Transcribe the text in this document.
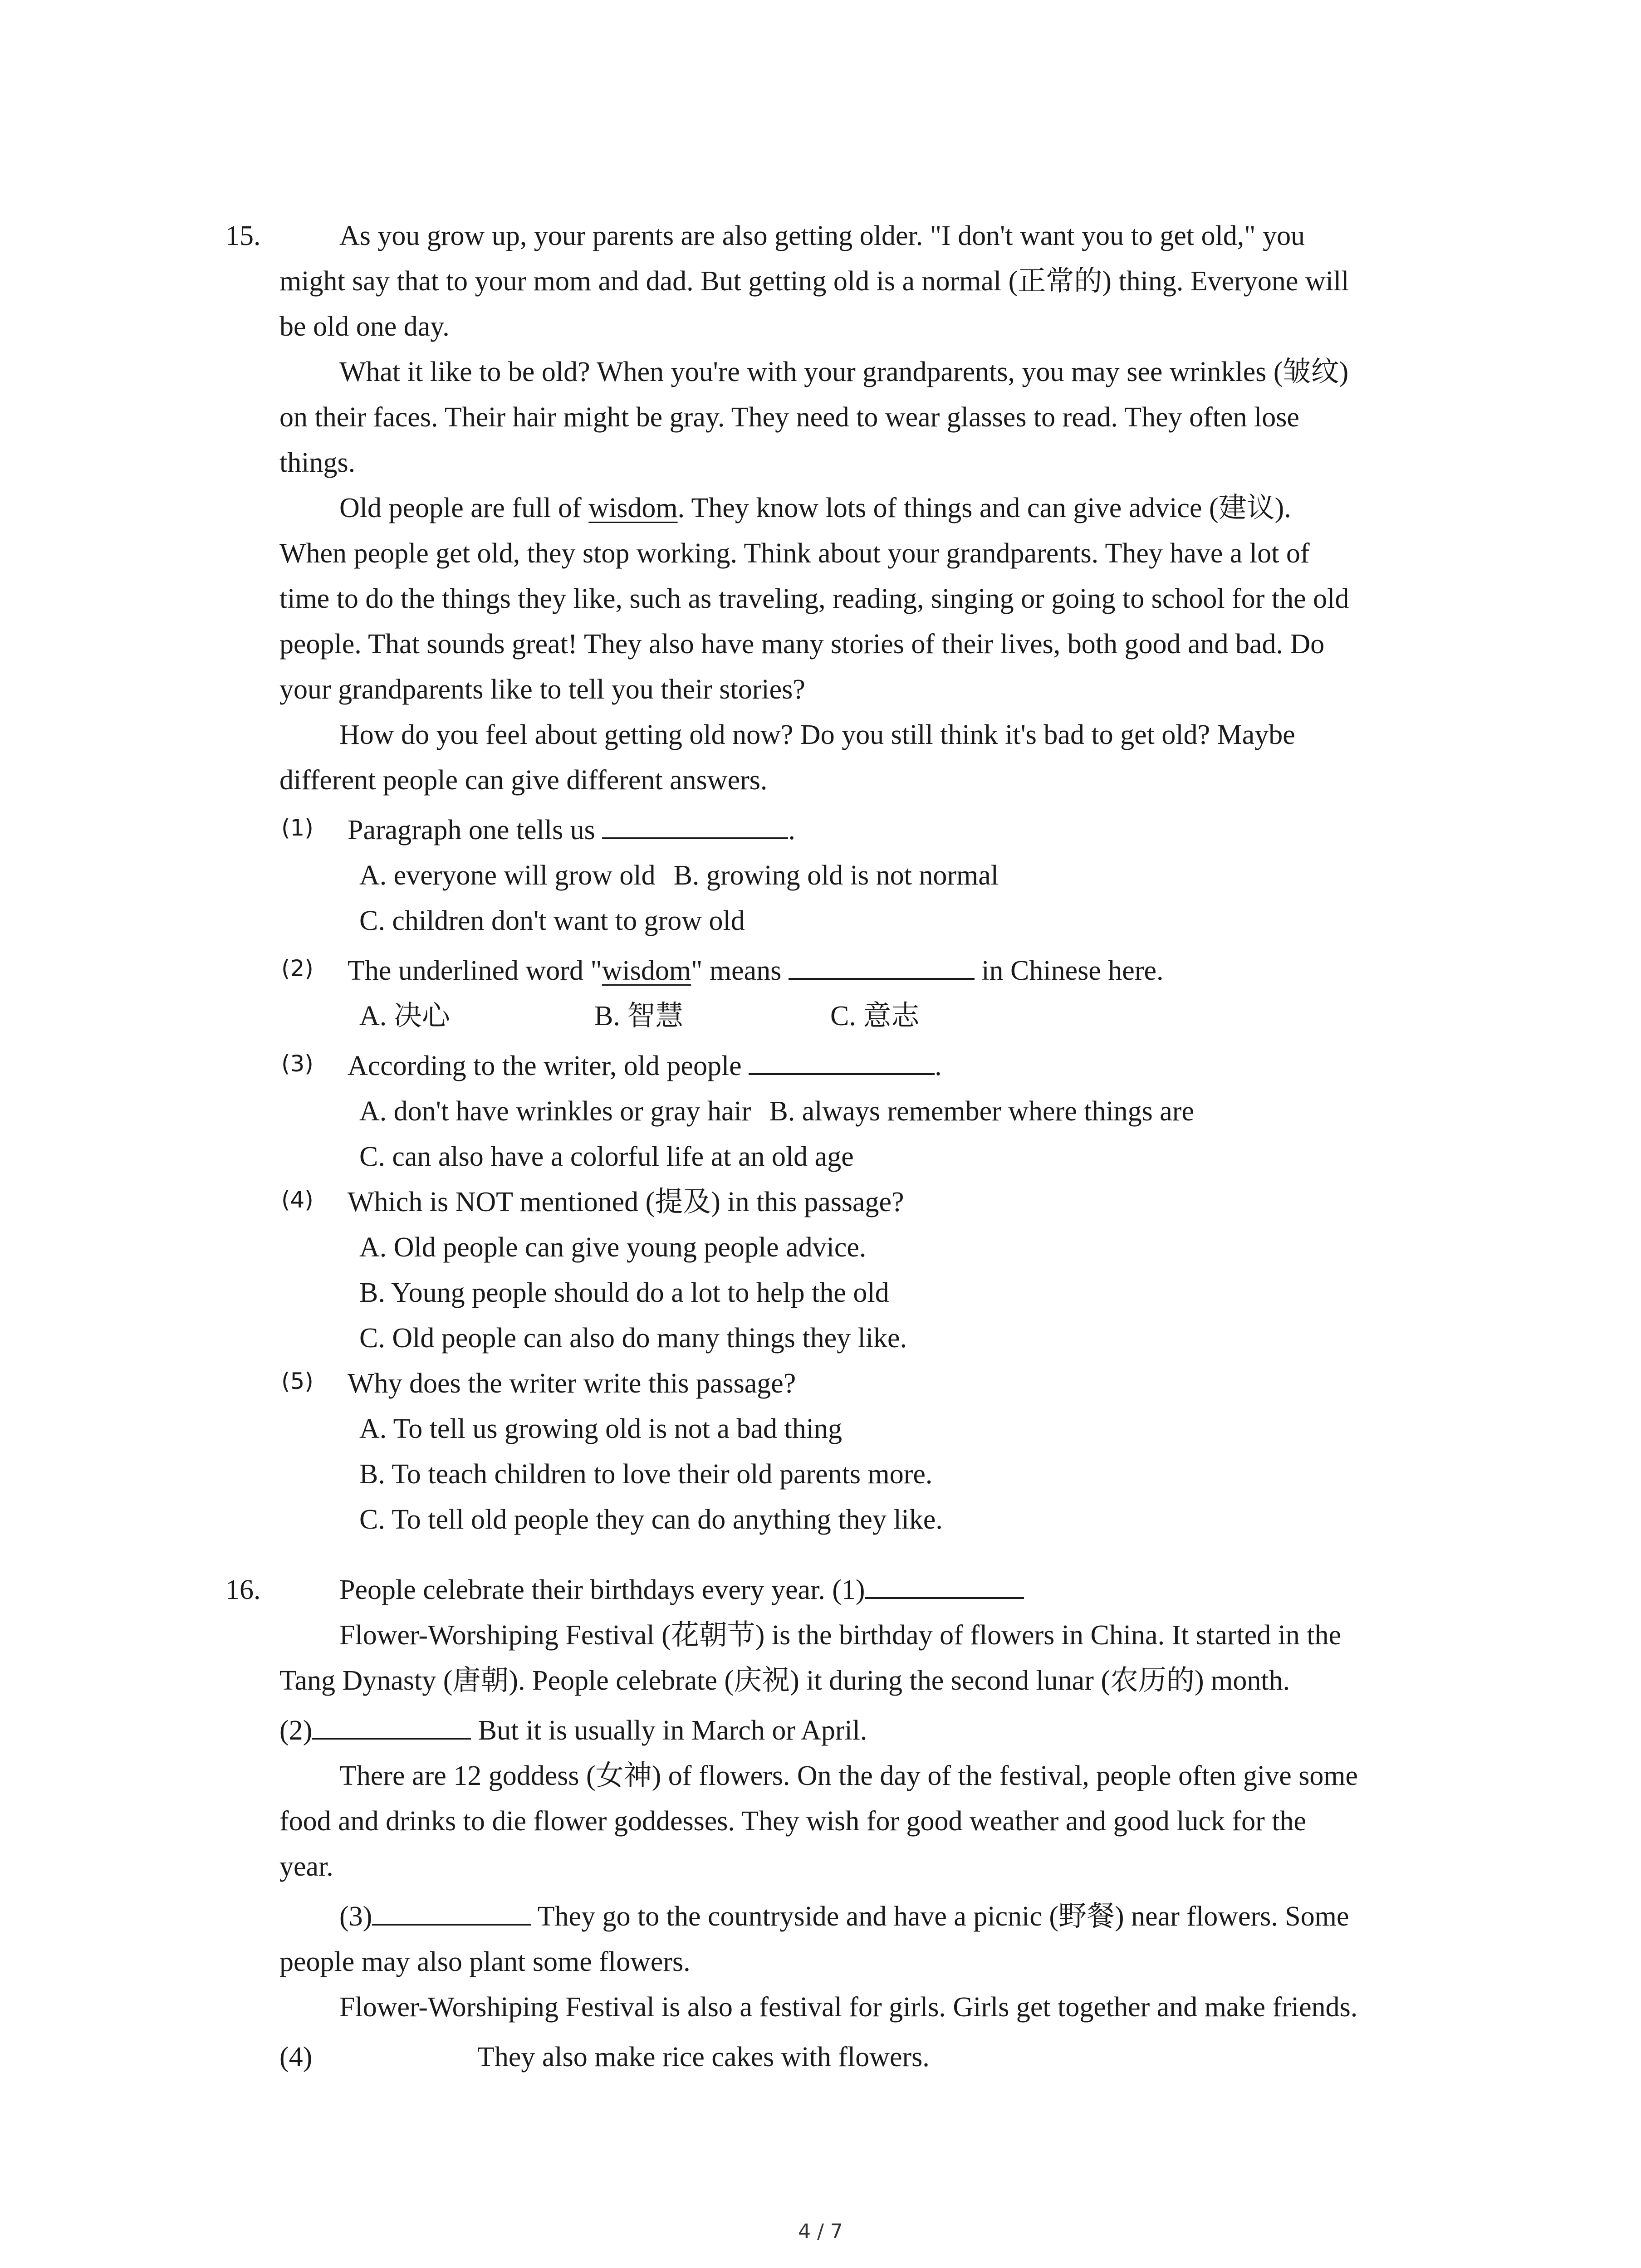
15.	As you grow up, your parents are also getting older. "I don't want you to get old," you
might say that to your mom and dad. But getting old is a normal (正常的) thing. Everyone will
be old one day.
What it like to be old? When you're with your grandparents, you may see wrinkles (皱纹)
on their faces. Their hair might be gray. They need to wear glasses to read. They often lose
things.
Old people are full of wisdom. They know lots of things and can give advice (建议).
When people get old, they stop working. Think about your grandparents. They have a lot of
time to do the things they like, such as traveling, reading, singing or going to school for the old
people. That sounds great! They also have many stories of their lives, both good and bad. Do
your grandparents like to tell you their stories?
How do you feel about getting old now? Do you still think it's bad to get old? Maybe
different people can give different answers.
(1) Paragraph one tells us	.
A. everyone will grow old B. growing old is not normal
C. children don't want to grow old
(2) The underlined word "wisdom" means	in Chinese here.
A. 决心	B. 智慧	C. 意志
(3) According to the writer, old people	.
A. don't have wrinkles or gray hair B. always remember where things are
C. can also have a colorful life at an old age
(4) Which is NOT mentioned (提及) in this passage?
A. Old people can give young people advice.
B. Young people should do a lot to help the old
C. Old people can also do many things they like.
(5) Why does the writer write this passage?
A. To tell us growing old is not a bad thing
B. To teach children to love their old parents more.
C. To tell old people they can do anything they like.
16.	People celebrate their birthdays every year. (1)
Flower-Worshiping Festival (花朝节) is the birthday of flowers in China. It started in the
Tang Dynasty (唐朝). People celebrate (庆祝) it during the second lunar (农历的) month.
(2)	But it is usually in March or April.
There are 12 goddess (女神) of flowers. On the day of the festival, people often give some
food and drinks to die flower goddesses. They wish for good weather and good luck for the
year.
(3)	They go to the countryside and have a picnic (野餐) near flowers. Some
people may also plant some flowers.
Flower-Worshiping Festival is also a festival for girls. Girls get together and make friends.
(4)	They also make rice cakes with flowers.
4 / 7
